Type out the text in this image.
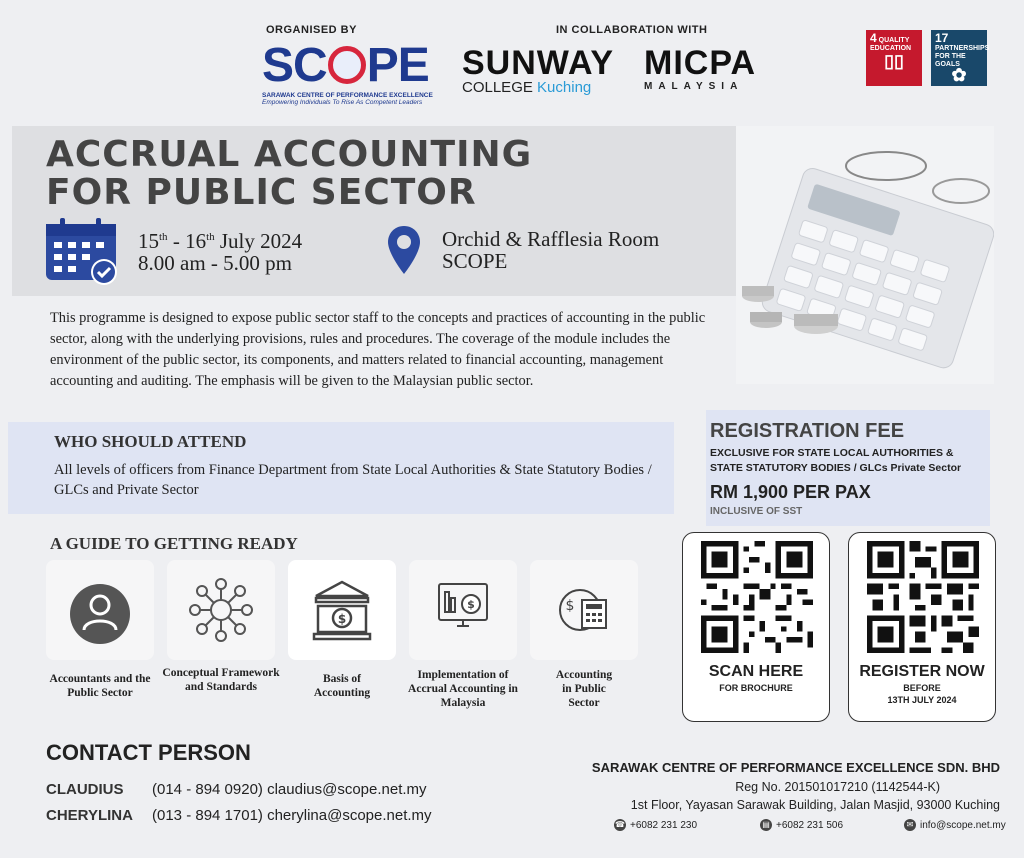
ORGANISED BY
SC PE
SARAWAK CENTRE OF PERFORMANCE EXCELLENCE
Empowering Individuals To Rise As Competent Leaders
IN COLLABORATION WITH
SUNWAY
COLLEGE Kuching
MICPA
MALAYSIA
4 QUALITY EDUCATION
▯▯
17 PARTNERSHIPS FOR THE GOALS
✿
ACCRUAL ACCOUNTING
FOR PUBLIC SECTOR
15th - 16th July 2024
8.00 am - 5.00 pm
Orchid & Rafflesia Room
SCOPE
This programme is designed to expose public sector staff to the concepts and practices of accounting in the public sector, along with the underlying provisions, rules and procedures. The coverage of the module includes the environment of the public sector, its components, and matters related to financial accounting, management accounting and auditing. The emphasis will be given to the Malaysian public sector.
WHO SHOULD ATTEND
All levels of officers from Finance Department from State Local Authorities & State Statutory Bodies / GLCs and Private Sector
REGISTRATION FEE
EXCLUSIVE FOR STATE LOCAL AUTHORITIES & STATE STATUTORY BODIES / GLCs Private Sector
RM 1,900 PER PAX
INCLUSIVE OF SST
A GUIDE TO GETTING READY
$
$	$
Accountants and the Public Sector
Conceptual Framework and Standards
Basis of Accounting
Implementation of Accrual Accounting in Malaysia
Accounting in Public Sector
SCAN HERE
FOR BROCHURE
REGISTER NOW
BEFORE
13TH JULY 2024
CONTACT PERSON
CLAUDIUS (014 - 894 0920) claudius@scope.net.my
CHERYLINA (013 - 894 1701) cherylina@scope.net.my
SARAWAK CENTRE OF PERFORMANCE EXCELLENCE SDN. BHD
Reg No. 201501017210 (1142544-K)
1st Floor, Yayasan Sarawak Building, Jalan Masjid, 93000 Kuching
☎ +6082 231 230	▤ +6082 231 506	✉ info@scope.net.my
